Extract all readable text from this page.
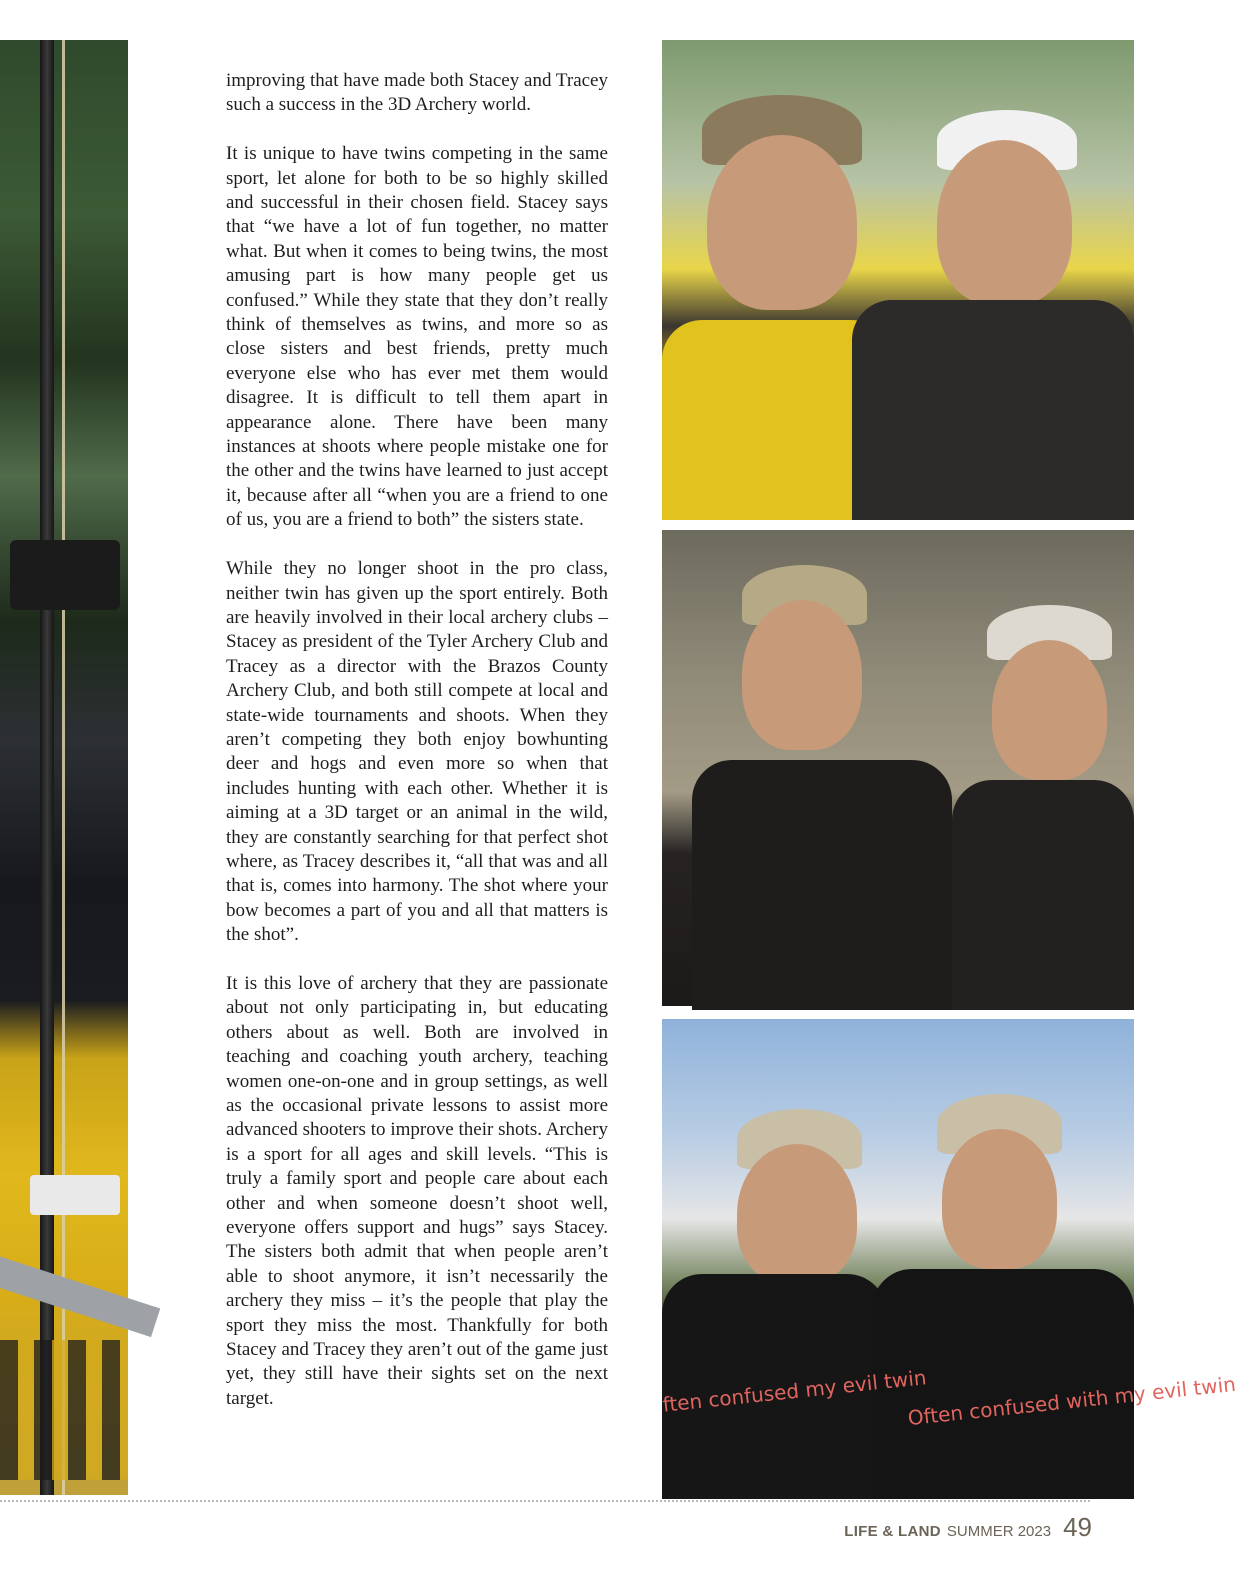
improving that have made both Stacey and Tracey such a success in the 3D Archery world.

It is unique to have twins competing in the same sport, let alone for both to be so highly skilled and successful in their chosen field. Stacey says that “we have a lot of fun together, no matter what. But when it comes to being twins, the most amusing part is how many people get us confused.” While they state that they don’t really think of themselves as twins, and more so as close sisters and best friends, pretty much everyone else who has ever met them would disagree. It is difficult to tell them apart in appearance alone. There have been many instances at shoots where people mistake one for the other and the twins have learned to just accept it, because after all “when you are a friend to one of us, you are a friend to both” the sisters state.

While they no longer shoot in the pro class, neither twin has given up the sport entirely. Both are heavily involved in their local archery clubs – Stacey as president of the Tyler Archery Club and Tracey as a director with the Brazos County Archery Club, and both still compete at local and state-wide tournaments and shoots. When they aren’t competing they both enjoy bowhunting deer and hogs and even more so when that includes hunting with each other. Whether it is aiming at a 3D target or an animal in the wild, they are constantly searching for that perfect shot where, as Tracey describes it, “all that was and all that is, comes into harmony. The shot where your bow becomes a part of you and all that matters is the shot”.

It is this love of archery that they are passionate about not only participating in, but educating others about as well. Both are involved in teaching and coaching youth archery, teaching women one-on-one and in group settings, as well as the occasional private lessons to assist more advanced shooters to improve their shots. Archery is a sport for all ages and skill levels. “This is truly a family sport and people care about each other and when someone doesn’t shoot well, everyone offers support and hugs” says Stacey. The sisters both admit that when people aren’t able to shoot anymore, it isn’t necessarily the archery they miss – it’s the people that play the sport they miss the most. Thankfully for both Stacey and Tracey they aren’t out of the game just yet, they still have their sights set on the next target.	ften confused my evil twin
Often confused with my evil twin
LIFE & LAND SUMMER 2023 49
